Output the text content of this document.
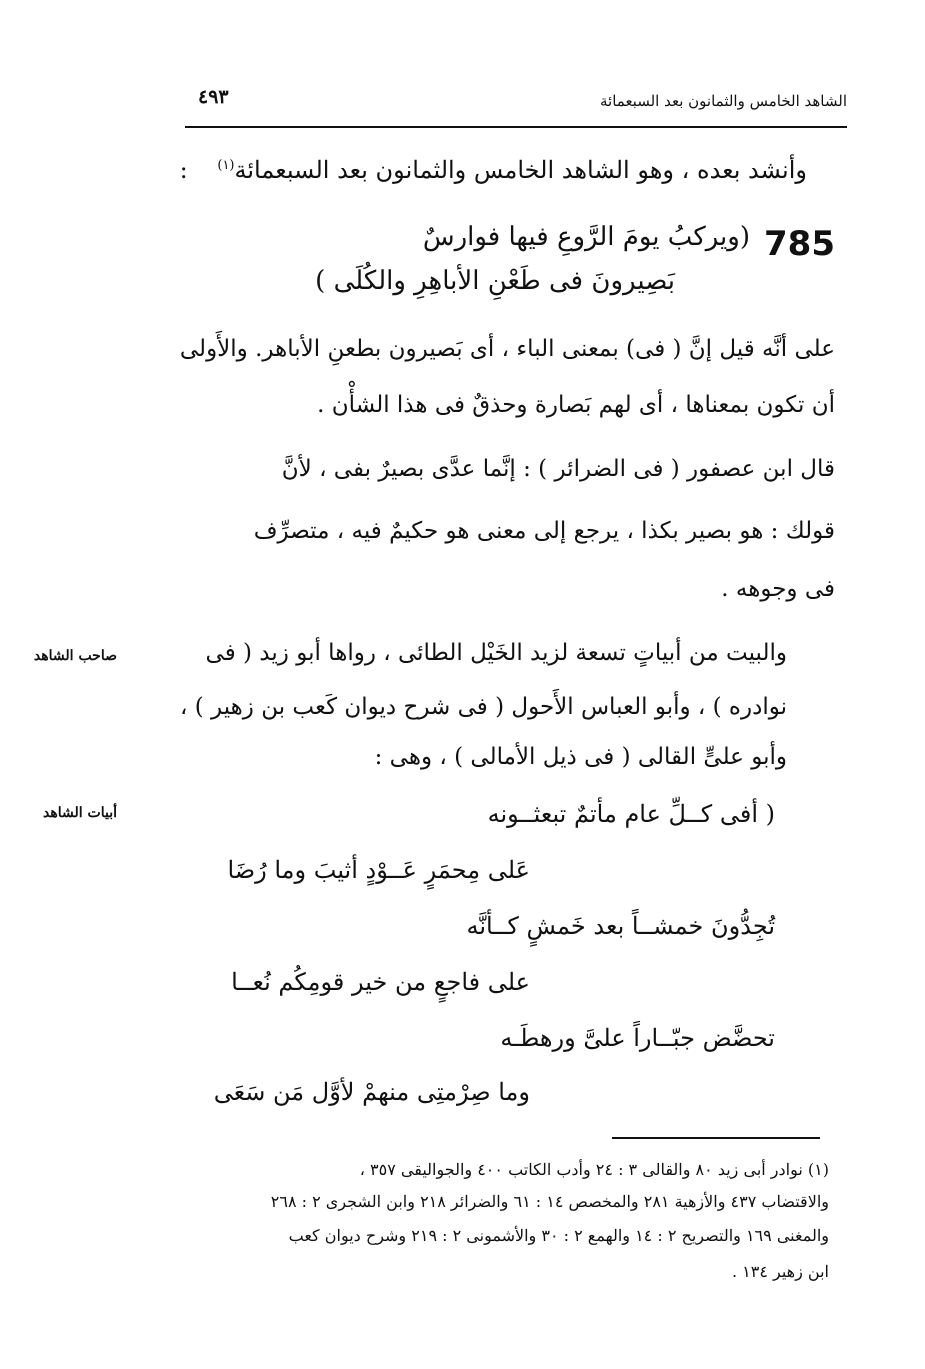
الشاهد الخامس والثمانون بعد السبعمائة
٤٩٣
وأنشد بعده ، وهو الشاهد الخامس والثمانون بعد السبعمائة$^{(١)}$ :
785
(ويركبُ يومَ الرَّوعِ فيها فوارسٌ
بَصِيرونَ فى طَعْنِ الأباهِرِ والكُلَى )
على أنَّه قيل إنَّ ( فى) بمعنى الباء ، أى بَصيرون بطعنِ الأباهر. والأَولى
أن تكون بمعناها ، أى لهم بَصارة وحذقٌ فى هذا الشأْن .
قال ابن عصفور ( فى الضرائر ) : إنَّما عدَّى بصيرٌ بفى ، لأنَّ
قولك : هو بصير بكذا ، يرجع إلى معنى هو حكيمٌ فيه ، متصرِّف
فى وجوهه .
والبيت من أبياتٍ تسعة لزيد الخَيْل الطائى ، رواها أبو زيد ( فى
نوادره ) ، وأبو العباس الأَحول ( فى شرح ديوان كَعب بن زهير ) ،
وأبو علىٍّ القالى ( فى ذيل الأمالى ) ، وهى :
صاحب الشاهد
أبيات الشاهد	( أفى كــلِّ عام مأتمٌ تبعثــونه
عَلى مِحمَرٍ عَــوْدٍ أثيبَ وما رُضَا
تُجِدُّونَ خمشــاً بعد خَمشٍ كــأنَّه
على فاجعٍ من خير قومِكُم نُعــا
تحضَّض جبّــاراً علىَّ ورهطَـه
وما صِرْمتِى منهمْ لأوَّل مَن سَعَى
(١) نوادر أبى زيد ٨٠ والقالى ٣ : ٢٤ وأدب الكاتب ٤٠٠ والجواليقى ٣٥٧ ،
والاقتضاب ٤٣٧ والأزهية ٢٨١ والمخصص ١٤ : ٦١ والضرائر ٢١٨ وابن الشجرى ٢ : ٢٦٨
والمغنى ١٦٩ والتصريح ٢ : ١٤ والهمع ٢ : ٣٠ والأشمونى ٢ : ٢١٩ وشرح ديوان كعب
ابن زهير ١٣٤ .
